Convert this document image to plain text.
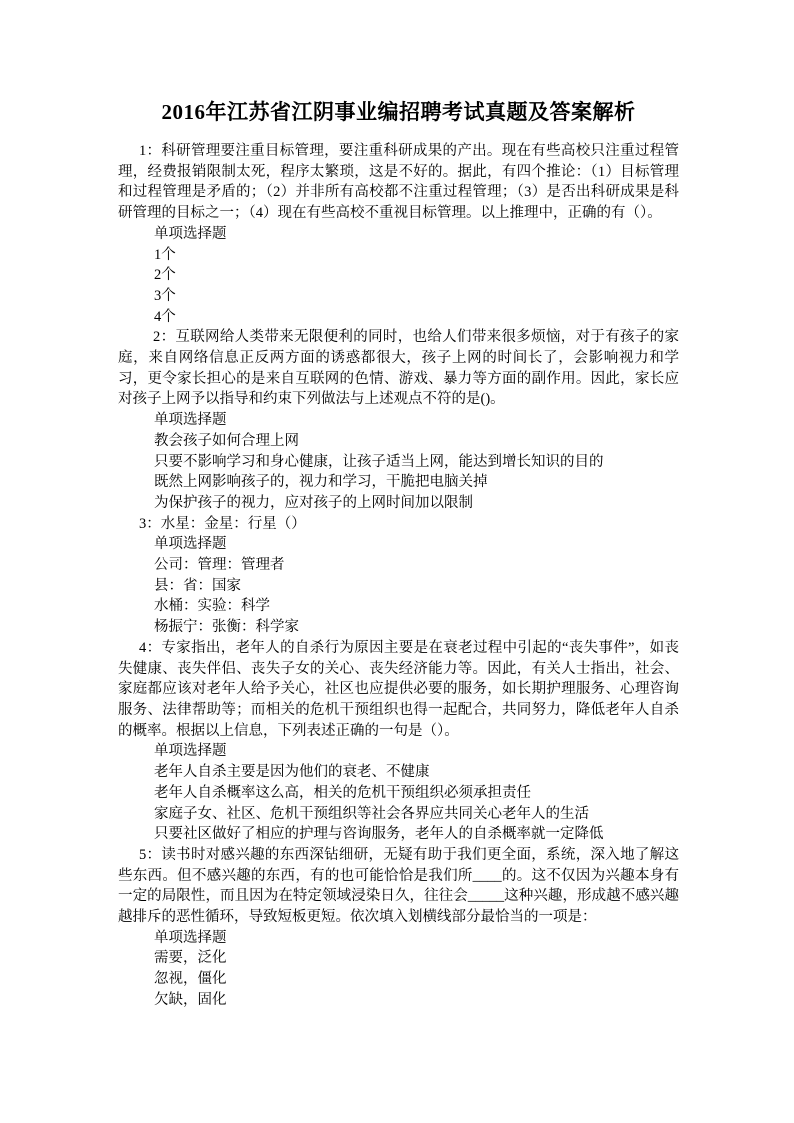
2016年江苏省江阴事业编招聘考试真题及答案解析

1：科研管理要注重目标管理，要注重科研成果的产出。现在有些高校只注重过程管理，经费报销限制太死，程序太繁琐，这是不好的。据此，有四个推论：（1）目标管理和过程管理是矛盾的；（2）并非所有高校都不注重过程管理；（3）是否出科研成果是科研管理的目标之一；（4）现在有些高校不重视目标管理。以上推理中，正确的有（）。

单项选择题

1个

2个

3个

4个

2：互联网给人类带来无限便利的同时，也给人们带来很多烦恼，对于有孩子的家庭，来自网络信息正反两方面的诱惑都很大，孩子上网的时间长了，会影响视力和学习，更令家长担心的是来自互联网的色情、游戏、暴力等方面的副作用。因此，家长应对孩子上网予以指导和约束下列做法与上述观点不符的是()。

单项选择题

教会孩子如何合理上网

只要不影响学习和身心健康，让孩子适当上网，能达到增长知识的目的

既然上网影响孩子的，视力和学习，干脆把电脑关掉

为保护孩子的视力，应对孩子的上网时间加以限制

3：水星：金星：行星（）

单项选择题

公司：管理：管理者

县：省：国家

水桶：实验：科学

杨振宁：张衡：科学家

4：专家指出，老年人的自杀行为原因主要是在衰老过程中引起的“丧失事件”，如丧失健康、丧失伴侣、丧失子女的关心、丧失经济能力等。因此，有关人士指出，社会、家庭都应该对老年人给予关心，社区也应提供必要的服务，如长期护理服务、心理咨询服务、法律帮助等；而相关的危机干预组织也得一起配合，共同努力，降低老年人自杀的概率。根据以上信息，下列表述正确的一句是（）。

单项选择题

老年人自杀主要是因为他们的衰老、不健康

老年人自杀概率这么高，相关的危机干预组织必须承担责任

家庭子女、社区、危机干预组织等社会各界应共同关心老年人的生活

只要社区做好了相应的护理与咨询服务，老年人的自杀概率就一定降低

5：读书时对感兴趣的东西深钻细研，无疑有助于我们更全面，系统，深入地了解这些东西。但不感兴趣的东西，有的也可能恰恰是我们所____的。这不仅因为兴趣本身有一定的局限性，而且因为在特定领域浸染日久，往往会_____这种兴趣，形成越不感兴趣越排斥的恶性循环，导致短板更短。依次填入划横线部分最恰当的一项是：

单项选择题

需要，泛化

忽视，僵化

欠缺，固化
